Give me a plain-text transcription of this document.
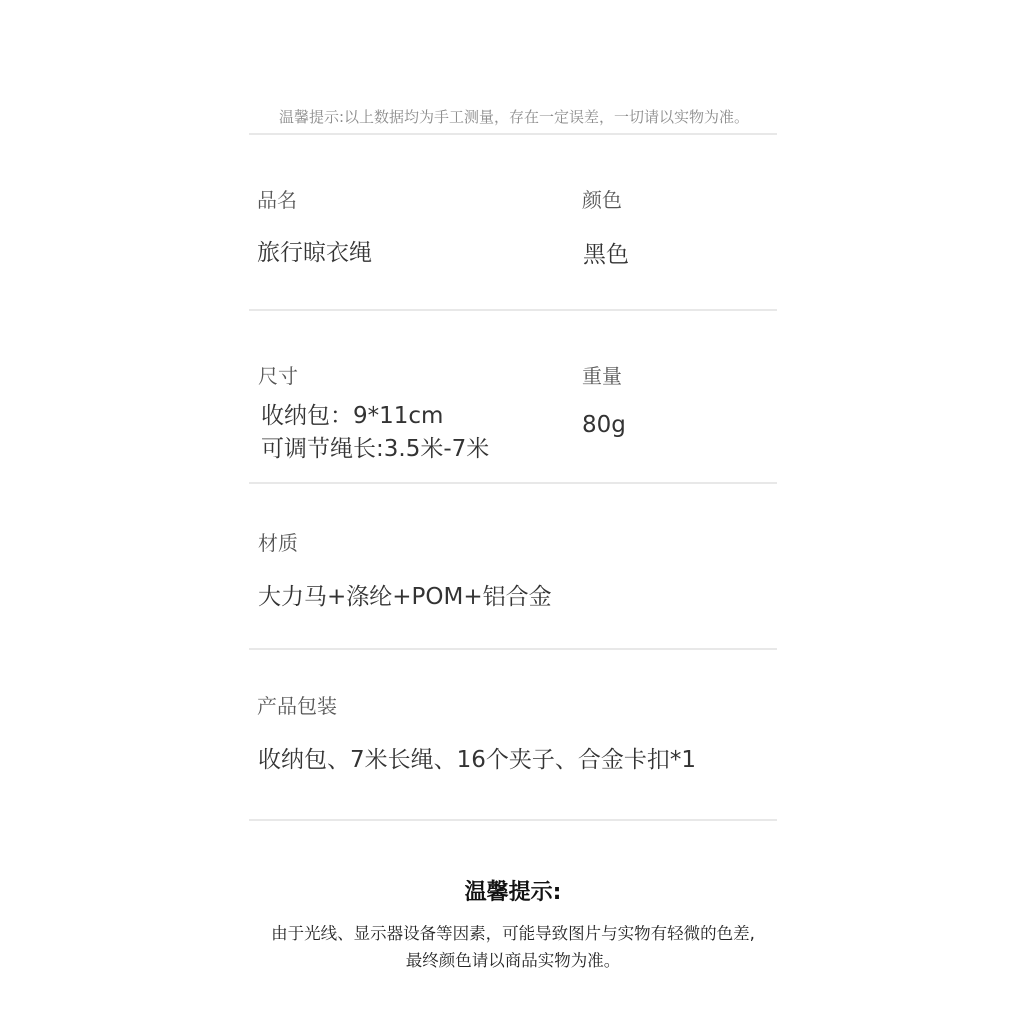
温馨提示:以上数据均为手工测量，存在一定误差，一切请以实物为准。
品名
旅行晾衣绳
颜色
黑色
尺寸
收纳包：9*11cm
可调节绳长:3.5米-7米
重量
80g
材质
大力马+涤纶+POM+铝合金
产品包装
收纳包、7米长绳、16个夹子、合金卡扣*1
温馨提示:
由于光线、显示器设备等因素，可能导致图片与实物有轻微的色差,
最终颜色请以商品实物为准。
